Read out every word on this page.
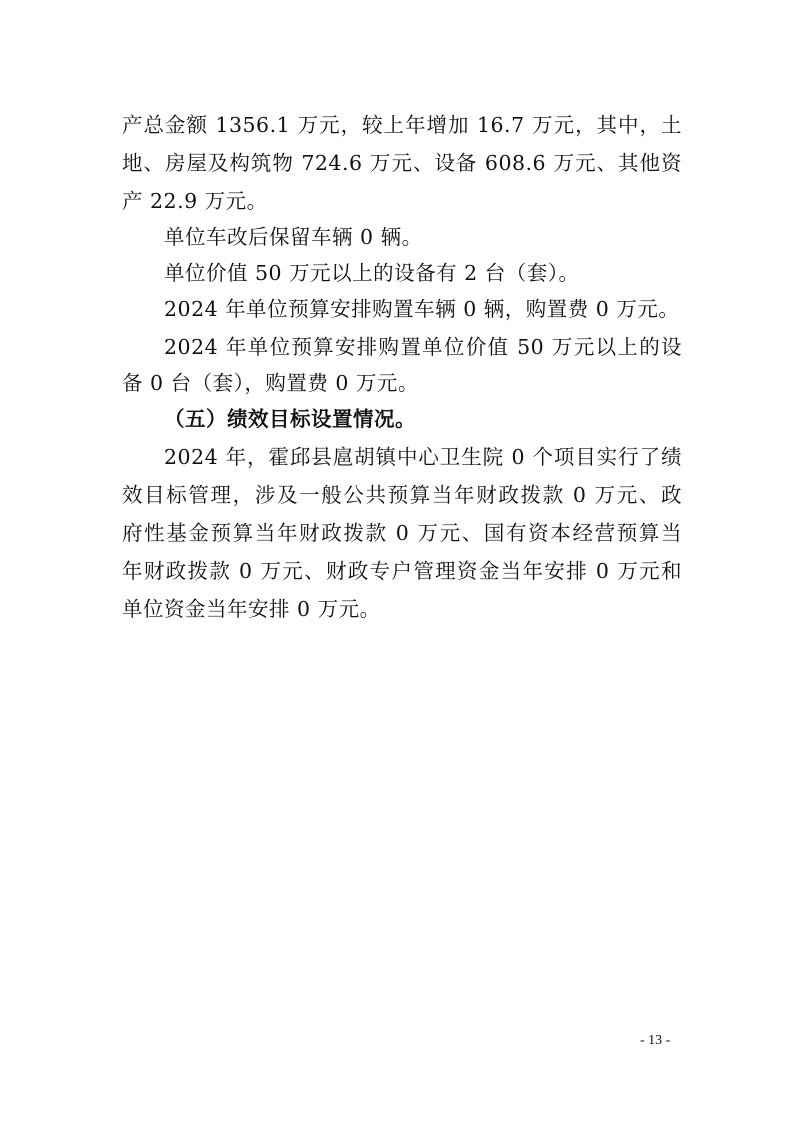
产总金额 1356.1 万元，较上年增加 16.7 万元，其中，土
地、房屋及构筑物 724.6 万元、设备 608.6 万元、其他资
产 22.9 万元。
单位车改后保留车辆 0 辆。
单位价值 50 万元以上的设备有 2 台（套）。
2024 年单位预算安排购置车辆 0 辆，购置费 0 万元。
2024 年单位预算安排购置单位价值 50 万元以上的设
备 0 台（套），购置费 0 万元。
（五）绩效目标设置情况。
2024 年，霍邱县扈胡镇中心卫生院 0 个项目实行了绩
效目标管理，涉及一般公共预算当年财政拨款 0 万元、政
府性基金预算当年财政拨款 0 万元、国有资本经营预算当
年财政拨款 0 万元、财政专户管理资金当年安排 0 万元和
单位资金当年安排 0 万元。
- 13 -
